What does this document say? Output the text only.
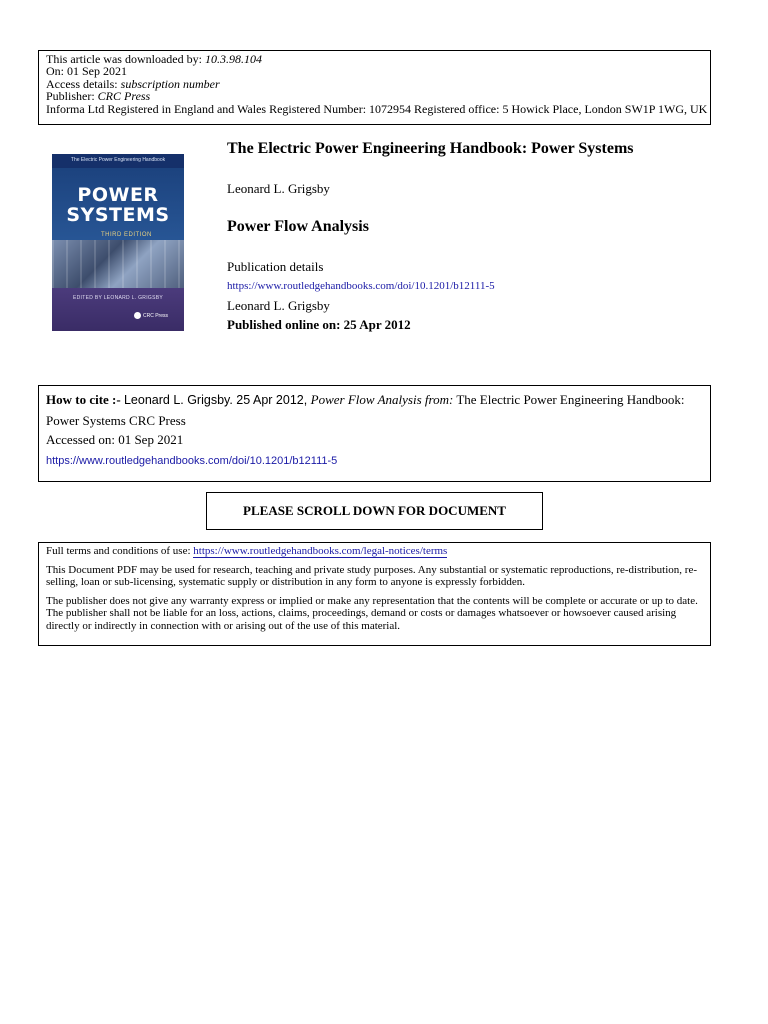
This article was downloaded by: 10.3.98.104
On: 01 Sep 2021
Access details: subscription number
Publisher: CRC Press
Informa Ltd Registered in England and Wales Registered Number: 1072954 Registered office: 5 Howick Place, London SW1P 1WG, UK
The Electric Power Engineering Handbook
POWER
SYSTEMS
THIRD EDITION
EDITED BY LEONARD L. GRIGSBY
CRC Press
The Electric Power Engineering Handbook: Power Systems
Leonard L. Grigsby
Power Flow Analysis
Publication details
https://www.routledgehandbooks.com/doi/10.1201/b12111-5
Leonard L. Grigsby
Published online on: 25 Apr 2012
How to cite :- Leonard L. Grigsby. 25 Apr 2012, Power Flow Analysis from: The Electric Power Engineering Handbook: Power Systems CRC Press
Accessed on: 01 Sep 2021
https://www.routledgehandbooks.com/doi/10.1201/b12111-5
PLEASE SCROLL DOWN FOR DOCUMENT

Full terms and conditions of use: https://www.routledgehandbooks.com/legal-notices/terms

This Document PDF may be used for research, teaching and private study purposes. Any substantial or systematic reproductions, re-distribution, re-selling, loan or sub-licensing, systematic supply or distribution in any form to anyone is expressly forbidden.

The publisher does not give any warranty express or implied or make any representation that the contents will be complete or accurate or up to date. The publisher shall not be liable for an loss, actions, claims, proceedings, demand or costs or damages whatsoever or howsoever caused arising directly or indirectly in connection with or arising out of the use of this material.
